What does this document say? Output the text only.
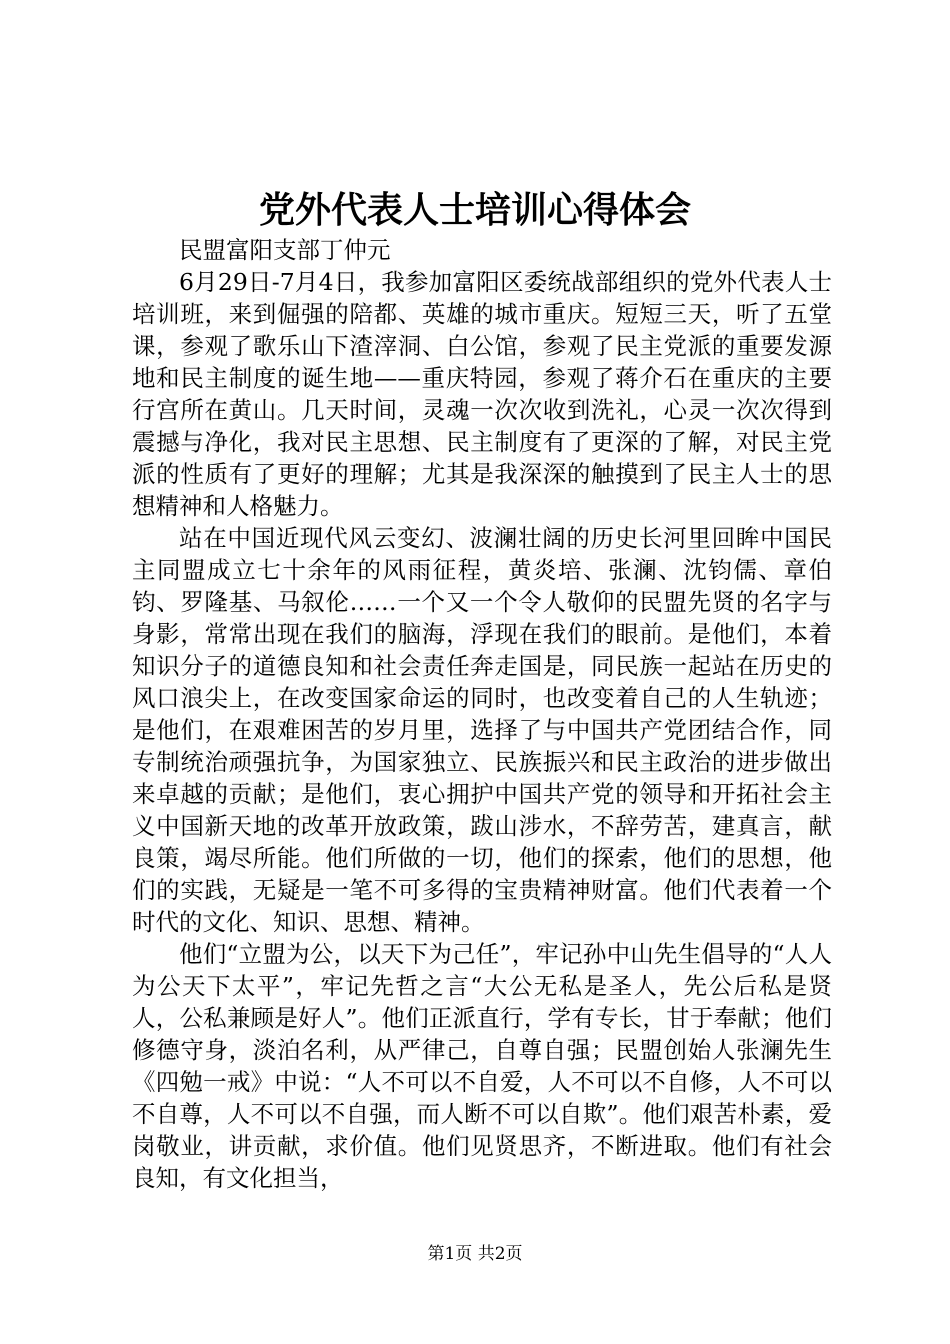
党外代表人士培训心得体会

民盟富阳支部丁仲元

6月29日-7月4日，我参加富阳区委统战部组织的党外代表人士培训班，来到倔强的陪都、英雄的城市重庆。短短三天，听了五堂课，参观了歌乐山下渣滓洞、白公馆，参观了民主党派的重要发源地和民主制度的诞生地——重庆特园，参观了蒋介石在重庆的主要行宫所在黄山。几天时间，灵魂一次次收到洗礼，心灵一次次得到震撼与净化，我对民主思想、民主制度有了更深的了解，对民主党派的性质有了更好的理解；尤其是我深深的触摸到了民主人士的思想精神和人格魅力。

站在中国近现代风云变幻、波澜壮阔的历史长河里回眸中国民主同盟成立七十余年的风雨征程，黄炎培、张澜、沈钧儒、章伯钧、罗隆基、马叙伦……一个又一个令人敬仰的民盟先贤的名字与身影，常常出现在我们的脑海，浮现在我们的眼前。是他们，本着知识分子的道德良知和社会责任奔走国是，同民族一起站在历史的风口浪尖上，在改变国家命运的同时，也改变着自己的人生轨迹；是他们，在艰难困苦的岁月里，选择了与中国共产党团结合作，同专制统治顽强抗争，为国家独立、民族振兴和民主政治的进步做出来卓越的贡献；是他们，衷心拥护中国共产党的领导和开拓社会主义中国新天地的改革开放政策，跋山涉水，不辞劳苦，建真言，献良策，竭尽所能。他们所做的一切，他们的探索，他们的思想，他们的实践，无疑是一笔不可多得的宝贵精神财富。他们代表着一个时代的文化、知识、思想、精神。

他们“立盟为公，以天下为己任”，牢记孙中山先生倡导的“人人为公天下太平”，牢记先哲之言“大公无私是圣人，先公后私是贤人，公私兼顾是好人”。他们正派直行，学有专长，甘于奉献；他们修德守身，淡泊名利，从严律己，自尊自强；民盟创始人张澜先生《四勉一戒》中说：“人不可以不自爱，人不可以不自修，人不可以不自尊，人不可以不自强，而人断不可以自欺”。他们艰苦朴素，爱岗敬业，讲贡献，求价值。他们见贤思齐，不断进取。他们有社会良知，有文化担当，

第1页 共2页
